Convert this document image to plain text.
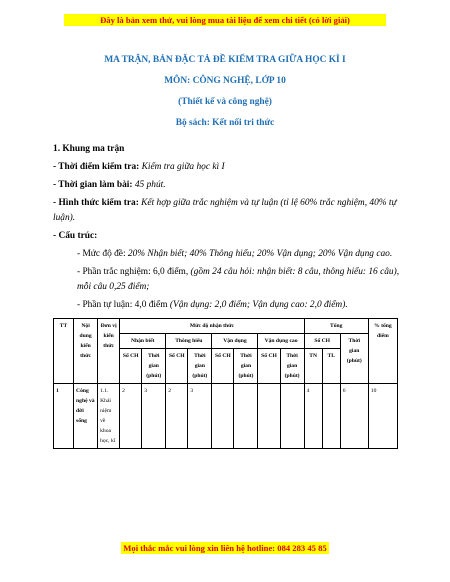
Đây là bản xem thử, vui lòng mua tài liệu để xem chi tiết (có lời giải)
MA TRẬN, BẢN ĐẶC TẢ ĐỀ KIỂM TRA GIỮA HỌC KÌ I
MÔN: CÔNG NGHỆ, LỚP 10
(Thiết kế và công nghệ)
Bộ sách: Kết nối tri thức
1. Khung ma trận
- Thời điểm kiểm tra: Kiểm tra giữa học kì I
- Thời gian làm bài: 45 phút.
- Hình thức kiểm tra: Kết hợp giữa trắc nghiệm và tự luận (tỉ lệ 60% trắc nghiệm, 40% tự luận).
- Cấu trúc:
- Mức độ đề: 20% Nhận biết; 40% Thông hiểu; 20% Vận dụng; 20% Vận dụng cao.
- Phần trắc nghiệm: 6,0 điểm, (gồm 24 câu hỏi: nhận biết: 8 câu, thông hiểu: 16 câu), mỗi câu 0,25 điểm;
- Phần tự luận: 4,0 điểm (Vận dụng: 2,0 điểm; Vận dụng cao: 2,0 điểm).
TT	Nội dung kiến thức	Đơn vị kiến thức	Mức độ nhận thức								Tổng			% tổng điểm
			Nhận biết		Thông hiểu		Vận dụng		Vận dụng cao		Số CH		Thời gian (phút)	
			Số CH	Thời gian (phút)	Số CH	Thời gian (phút)	Số CH	Thời gian (phút)	Số CH	Thời gian (phút)	TN	TL		
1	Công nghệ và đời sống	1.1. Khái niệm về khoa học, kĩ	2	3	2	3					4		6	10
Mọi thắc mắc vui lòng xin liên hệ hotline: 084 283 45 85
